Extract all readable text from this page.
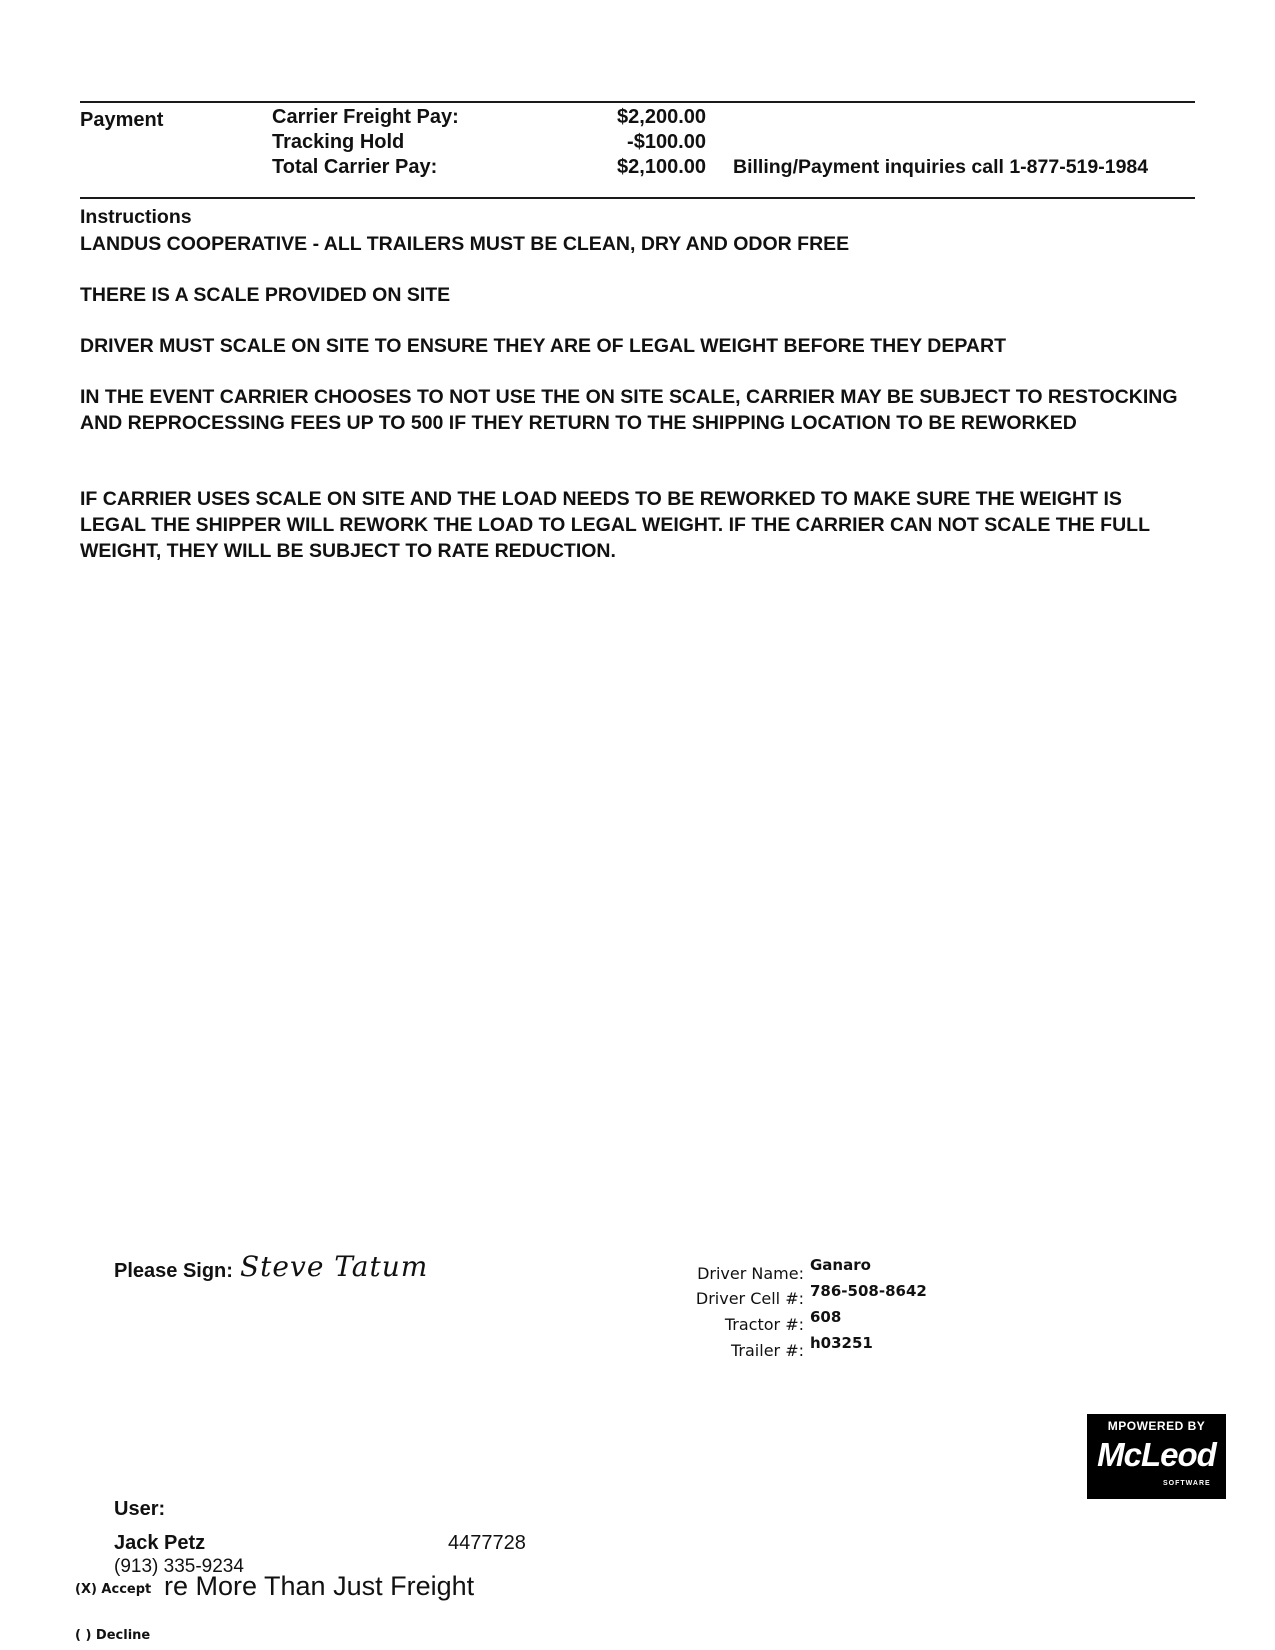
Payment	Carrier Freight Pay:	$2,200.00
Tracking Hold	-$100.00
Total Carrier Pay:	$2,100.00 Billing/Payment inquiries call 1-877-519-1984
Instructions
LANDUS COOPERATIVE - ALL TRAILERS MUST BE CLEAN, DRY AND ODOR FREE
THERE IS A SCALE PROVIDED ON SITE
DRIVER MUST SCALE ON SITE TO ENSURE THEY ARE OF LEGAL WEIGHT BEFORE THEY DEPART
IN THE EVENT CARRIER CHOOSES TO NOT USE THE ON SITE SCALE, CARRIER MAY BE SUBJECT TO RESTOCKING AND REPROCESSING FEES UP TO 500 IF THEY RETURN TO THE SHIPPING LOCATION TO BE REWORKED
IF CARRIER USES SCALE ON SITE AND THE LOAD NEEDS TO BE REWORKED TO MAKE SURE THE WEIGHT IS LEGAL THE SHIPPER WILL REWORK THE LOAD TO LEGAL WEIGHT. IF THE CARRIER CAN NOT SCALE THE FULL WEIGHT, THEY WILL BE SUBJECT TO RATE REDUCTION.
Please Sign: Steve Tatum	Driver Name: Ganaro
Driver Cell #: 786-508-8642
Tractor #: 608
Trailer #: h03251
MPOWERED BY
McLeod
SOFTWARE
User:
Jack Petz	4477728
(913) 335-9234
(X) Accept re More Than Just Freight
( ) Decline
